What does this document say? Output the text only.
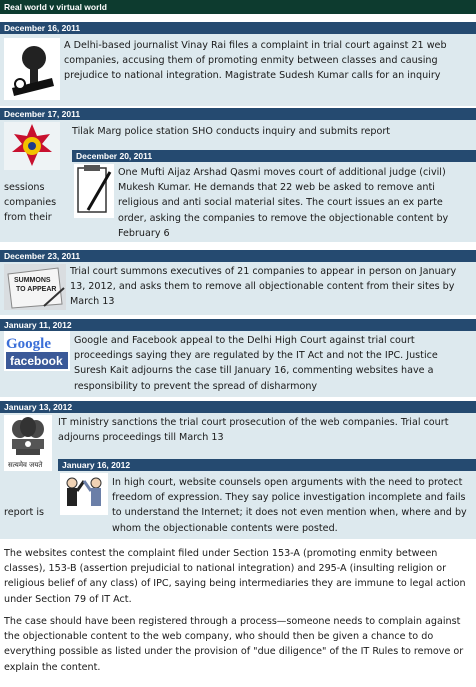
Real world v virtual world
December 16, 2011
A Delhi-based journalist Vinay Rai files a complaint in trial court against 21 web companies, accusing them of promoting enmity between classes and causing prejudice to national integration. Magistrate Sudesh Kumar calls for an inquiry
December 17, 2011
Tilak Marg police station SHO conducts inquiry and submits report
December 20, 2011
sessions
companies
from their
One Mufti Aijaz Arshad Qasmi moves court of additional judge (civil) Mukesh Kumar. He demands that 22 web be asked to remove anti religious and anti social material sites. The court issues an ex parte order, asking the companies to remove the objectionable content by February 6
December 23, 2011
SUMMONS
TO APPEAR
Trial court summons executives of 21 companies to appear in person on January 13, 2012, and asks them to remove all objectionable content from their sites by March 13
January 11, 2012
Google
facebook
Google and Facebook appeal to the Delhi High Court against trial court proceedings saying they are regulated by the IT Act and not the IPC. Justice Suresh Kait adjourns the case till January 16, commenting websites have a responsibility to prevent the spread of disharmony
January 13, 2012
सत्यमेव जयते
IT ministry sanctions the trial court prosecution of the web companies. Trial court adjourns proceedings till March 13
January 16, 2012
report is
In high court, website counsels open arguments with the need to protect freedom of expression. They say police investigation incomplete and fails to understand the Internet; it does not even mention when, where and by whom the objectionable contents were posted.
The websites contest the complaint filed under Section 153-A (promoting enmity between classes), 153-B (assertion prejudicial to national integration) and 295-A (insulting religion or religious belief of any class) of IPC, saying being intermediaries they are immune to legal action under Section 79 of IT Act.
The case should have been registered through a process—someone needs to complain against the objectionable content to the web company, who should then be given a chance to do everything possible as listed under the provision of "due diligence" of the IT Rules to remove or explain the content.
